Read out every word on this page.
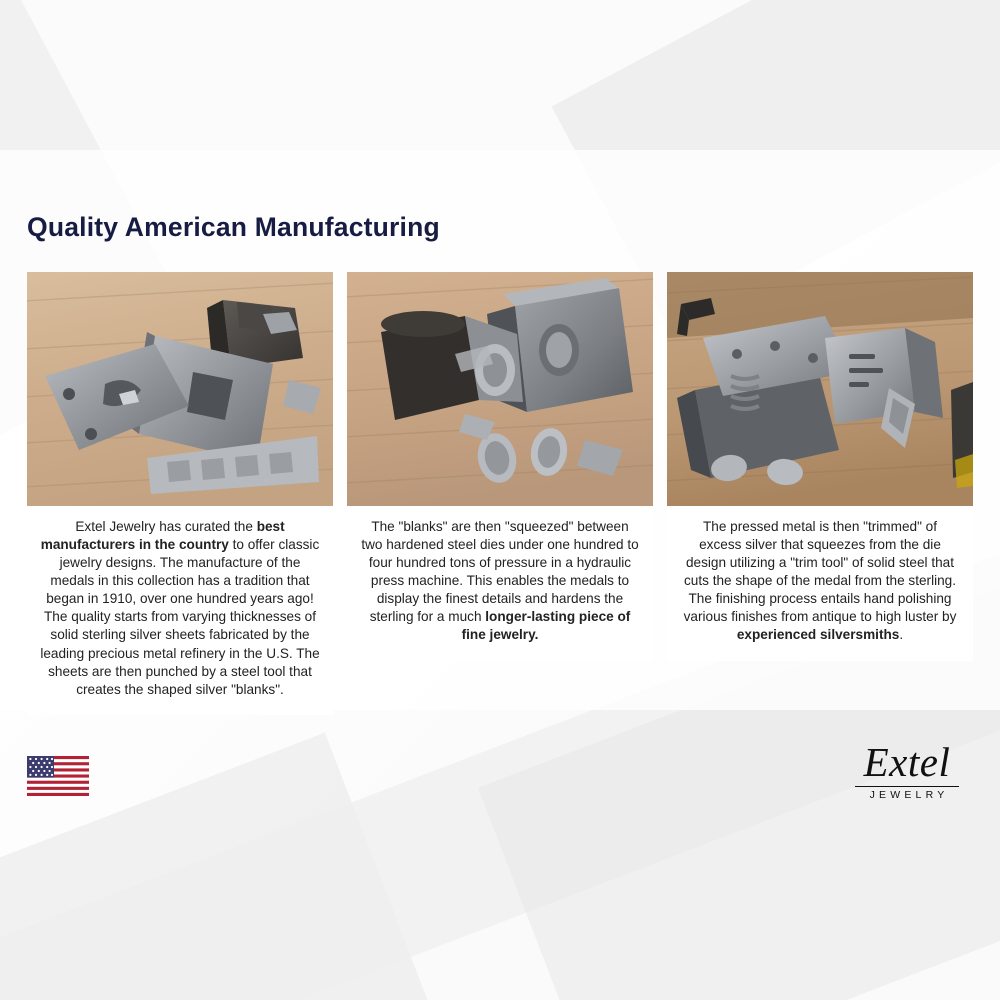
Quality American Manufacturing
Extel Jewelry has curated the best manufacturers in the country to offer classic jewelry designs. The manufacture of the medals in this collection has a tradition that began in 1910, over one hundred years ago! The quality starts from varying thicknesses of solid sterling silver sheets fabricated by the leading precious metal refinery in the U.S. The sheets are then punched by a steel tool that creates the shaped silver "blanks".
The "blanks" are then "squeezed" between two hardened steel dies under one hundred to four hundred tons of pressure in a hydraulic press machine. This enables the medals to display the finest details and hardens the sterling for a much longer-lasting piece of fine jewelry.
The pressed metal is then "trimmed" of excess silver that squeezes from the die design utilizing a "trim tool" of solid steel that cuts the shape of the medal from the sterling. The finishing process entails hand polishing various finishes from antique to high luster by experienced silversmiths.
Extel
JEWELRY
